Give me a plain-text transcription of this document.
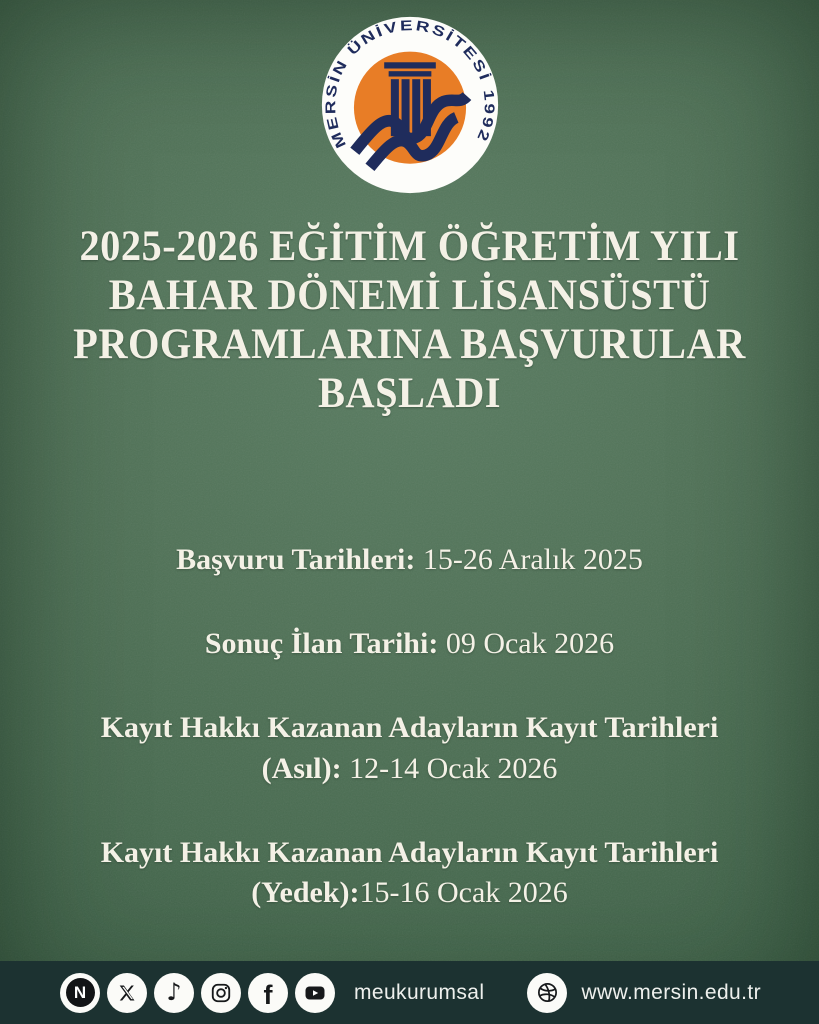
MERSİN ÜNİVERSİTESİ 1992
2025-2026 EĞİTİM ÖĞRETİM YILI
BAHAR DÖNEMİ LİSANSÜSTÜ
PROGRAMLARINA BAŞVURULAR
BAŞLADI
Başvuru Tarihleri: 15-26 Aralık 2025
Sonuç İlan Tarihi: 09 Ocak 2026
Kayıt Hakkı Kazanan Adayların Kayıt Tarihleri
(Asıl): 12-14 Ocak 2026
Kayıt Hakkı Kazanan Adayların Kayıt Tarihleri
(Yedek):15-16 Ocak 2026
N	♪	f	meukurumsal	www.mersin.edu.tr
